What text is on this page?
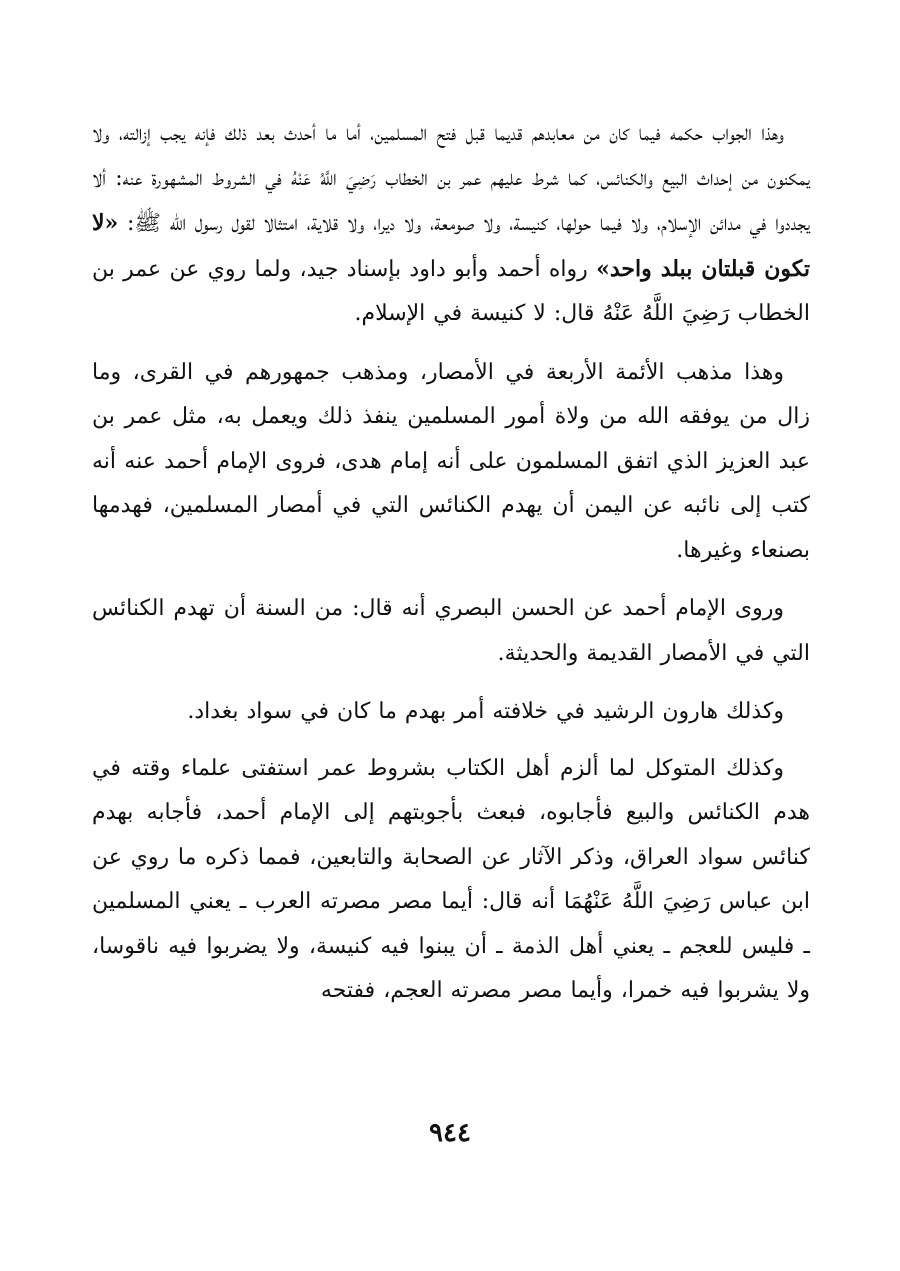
وهذا الجواب حكمه فيما كان من معابدهم قديما قبل فتح المسلمين، أما ما أحدث بعد ذلك فإنه يجب إزالته، ولا يمكنون من إحداث البيع والكنائس، كما شرط عليهم عمر بن الخطاب رَضِيَ اللَّهُ عَنْهُ في الشروط المشهورة عنه: ألا يجددوا في مدائن الإسلام، ولا فيما حولها، كنيسة، ولا صومعة، ولا ديرا، ولا قلاية، امتثالا لقول رسول الله ﷺ: «لا تكون قبلتان ببلد واحد» رواه أحمد وأبو داود بإسناد جيد، ولما روي عن عمر بن الخطاب رَضِيَ اللَّهُ عَنْهُ قال: لا كنيسة في الإسلام.

وهذا مذهب الأئمة الأربعة في الأمصار، ومذهب جمهورهم في القرى، وما زال من يوفقه الله من ولاة أمور المسلمين ينفذ ذلك ويعمل به، مثل عمر بن عبد العزيز الذي اتفق المسلمون على أنه إمام هدى، فروى الإمام أحمد عنه أنه كتب إلى نائبه عن اليمن أن يهدم الكنائس التي في أمصار المسلمين، فهدمها بصنعاء وغيرها.

وروى الإمام أحمد عن الحسن البصري أنه قال: من السنة أن تهدم الكنائس التي في الأمصار القديمة والحديثة.

وكذلك هارون الرشيد في خلافته أمر بهدم ما كان في سواد بغداد.

وكذلك المتوكل لما ألزم أهل الكتاب بشروط عمر استفتى علماء وقته في هدم الكنائس والبيع فأجابوه، فبعث بأجوبتهم إلى الإمام أحمد، فأجابه بهدم كنائس سواد العراق، وذكر الآثار عن الصحابة والتابعين، فمما ذكره ما روي عن ابن عباس رَضِيَ اللَّهُ عَنْهُمَا أنه قال: أيما مصر مصرته العرب ـ يعني المسلمين ـ فليس للعجم ـ يعني أهل الذمة ـ أن يبنوا فيه كنيسة، ولا يضربوا فيه ناقوسا، ولا يشربوا فيه خمرا، وأيما مصر مصرته العجم، ففتحه

٩٤٤
